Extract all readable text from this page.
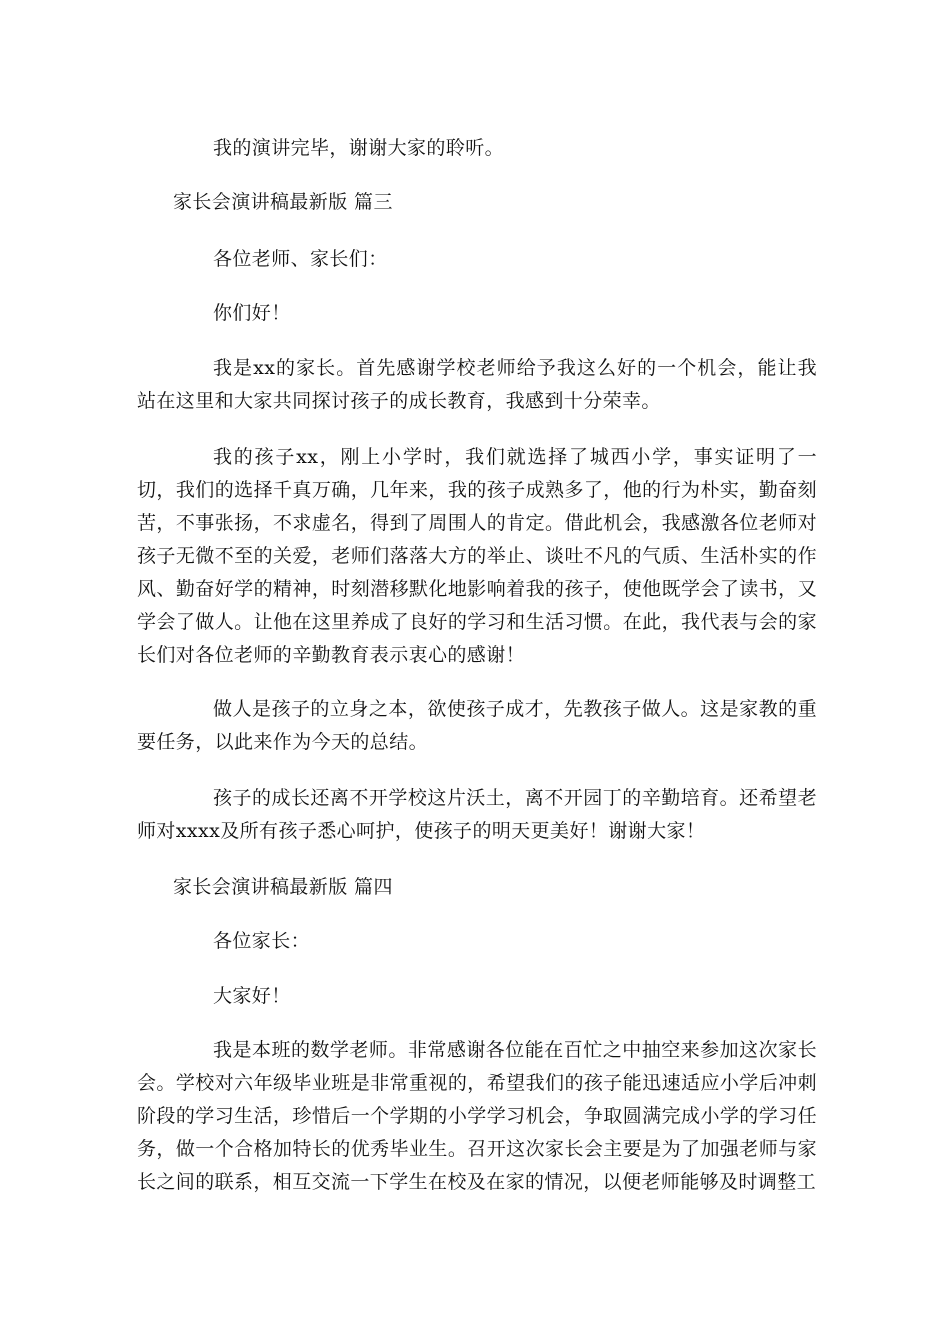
我的演讲完毕，谢谢大家的聆听。

家长会演讲稿最新版 篇三

各位老师、家长们：

你们好！

我是xx的家长。首先感谢学校老师给予我这么好的一个机会，能让我站在这里和大家共同探讨孩子的成长教育，我感到十分荣幸。

我的孩子xx，刚上小学时，我们就选择了城西小学，事实证明了一切，我们的选择千真万确，几年来，我的孩子成熟多了，他的行为朴实，勤奋刻苦，不事张扬，不求虚名，得到了周围人的肯定。借此机会，我感激各位老师对孩子无微不至的关爱，老师们落落大方的举止、谈吐不凡的气质、生活朴实的作风、勤奋好学的精神，时刻潜移默化地影响着我的孩子，使他既学会了读书，又学会了做人。让他在这里养成了良好的学习和生活习惯。在此，我代表与会的家长们对各位老师的辛勤教育表示衷心的感谢！

做人是孩子的立身之本，欲使孩子成才，先教孩子做人。这是家教的重要任务，以此来作为今天的总结。

孩子的成长还离不开学校这片沃土，离不开园丁的辛勤培育。还希望老师对xxxx及所有孩子悉心呵护，使孩子的明天更美好！谢谢大家！

家长会演讲稿最新版 篇四

各位家长：

大家好！

我是本班的数学老师。非常感谢各位能在百忙之中抽空来参加这次家长会。学校对六年级毕业班是非常重视的，希望我们的孩子能迅速适应小学后冲刺阶段的学习生活，珍惜后一个学期的小学学习机会，争取圆满完成小学的学习任务，做一个合格加特长的优秀毕业生。召开这次家长会主要是为了加强老师与家长之间的联系，相互交流一下学生在校及在家的情况，以便老师能够及时调整工
